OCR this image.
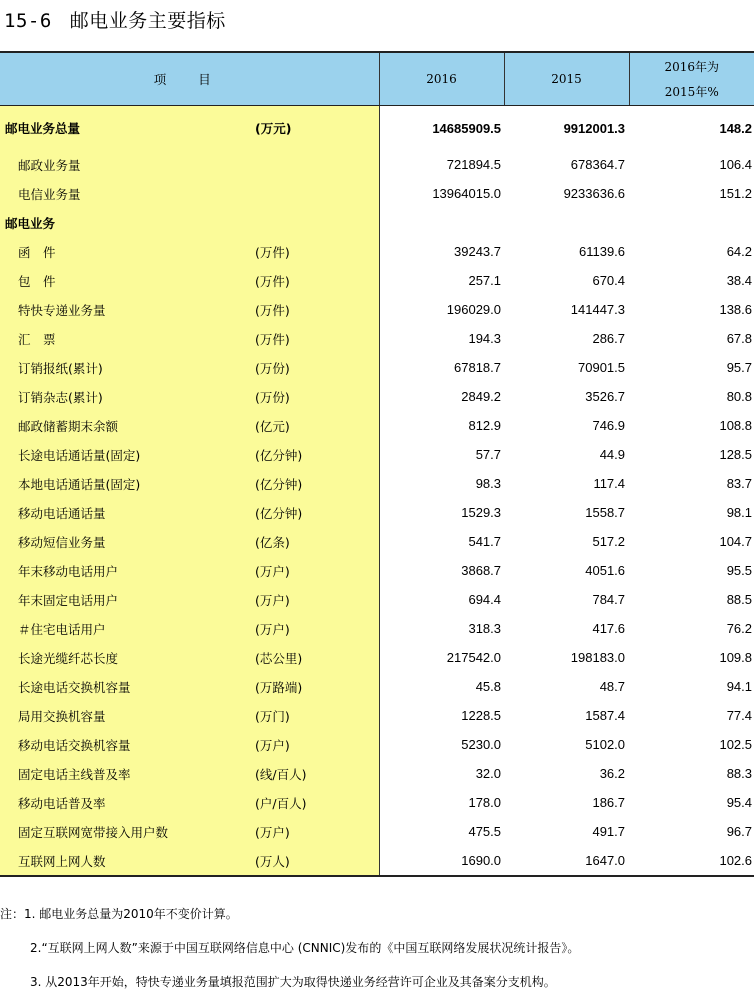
15-6 邮电业务主要指标
项 目		2016	2015	2016年为
2015年%

邮电业务总量	(万元)	14685909.5	9912001.3	148.2
邮政业务量		721894.5	678364.7	106.4
电信业务量		13964015.0	9233636.6	151.2
邮电业务				
函　件	(万件)	39243.7	61139.6	64.2
包　件	(万件)	257.1	670.4	38.4
特快专递业务量	(万件)	196029.0	141447.3	138.6
汇　票	(万件)	194.3	286.7	67.8
订销报纸(累计)	(万份)	67818.7	70901.5	95.7
订销杂志(累计)	(万份)	2849.2	3526.7	80.8
邮政储蓄期末余额	(亿元)	812.9	746.9	108.8
长途电话通话量(固定)	(亿分钟)	57.7	44.9	128.5
本地电话通话量(固定)	(亿分钟)	98.3	117.4	83.7
移动电话通话量	(亿分钟)	1529.3	1558.7	98.1
移动短信业务量	(亿条)	541.7	517.2	104.7
年末移动电话用户	(万户)	3868.7	4051.6	95.5
年末固定电话用户	(万户)	694.4	784.7	88.5
＃住宅电话用户	(万户)	318.3	417.6	76.2
长途光缆纤芯长度	(芯公里)	217542.0	198183.0	109.8
长途电话交换机容量	(万路端)	45.8	48.7	94.1
局用交换机容量	(万门)	1228.5	1587.4	77.4
移动电话交换机容量	(万户)	5230.0	5102.0	102.5
固定电话主线普及率	(线/百人)	32.0	36.2	88.3
移动电话普及率	(户/百人)	178.0	186.7	95.4
固定互联网宽带接入用户数	(万户)	475.5	491.7	96.7
互联网上网人数	(万人)	1690.0	1647.0	102.6
注：1. 邮电业务总量为2010年不变价计算。
2.“互联网上网人数”来源于中国互联网络信息中心 (CNNIC)发布的《中国互联网络发展状况统计报告》。
3. 从2013年开始，特快专递业务量填报范围扩大为取得快递业务经营许可企业及其备案分支机构。
